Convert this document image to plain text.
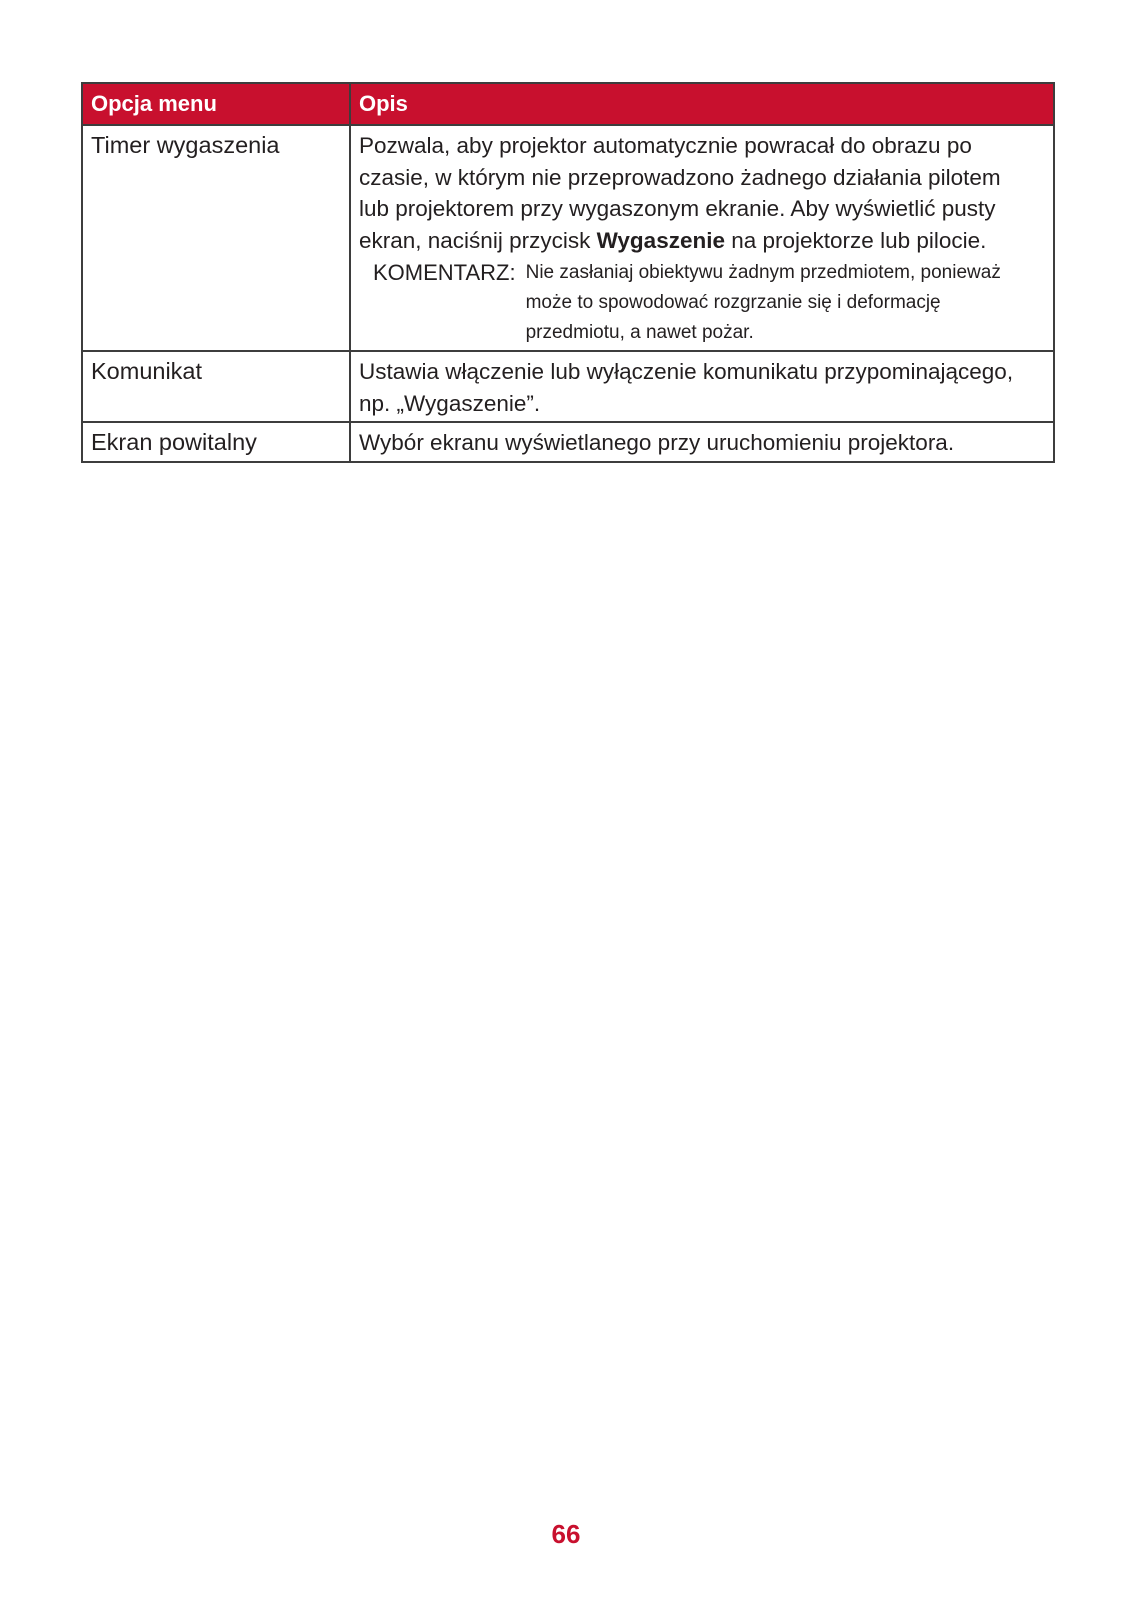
Opcja menu	Opis
Timer wygaszenia	Pozwala, aby projektor automatycznie powracał do obrazu po czasie, w którym nie przeprowadzono żadnego działania pilotem lub projektorem przy wygaszonym ekranie. Aby wyświetlić pusty ekran, naciśnij przycisk Wygaszenie na projektorze lub pilocie.
KOMENTARZ: Nie zasłaniaj obiektywu żadnym przedmiotem, ponieważ może to spowodować rozgrzanie się i deformację przedmiotu, a nawet pożar.

Komunikat	Ustawia włączenie lub wyłączenie komunikatu przypominającego, np. „Wygaszenie”.
Ekran powitalny	Wybór ekranu wyświetlanego przy uruchomieniu projektora.
66
